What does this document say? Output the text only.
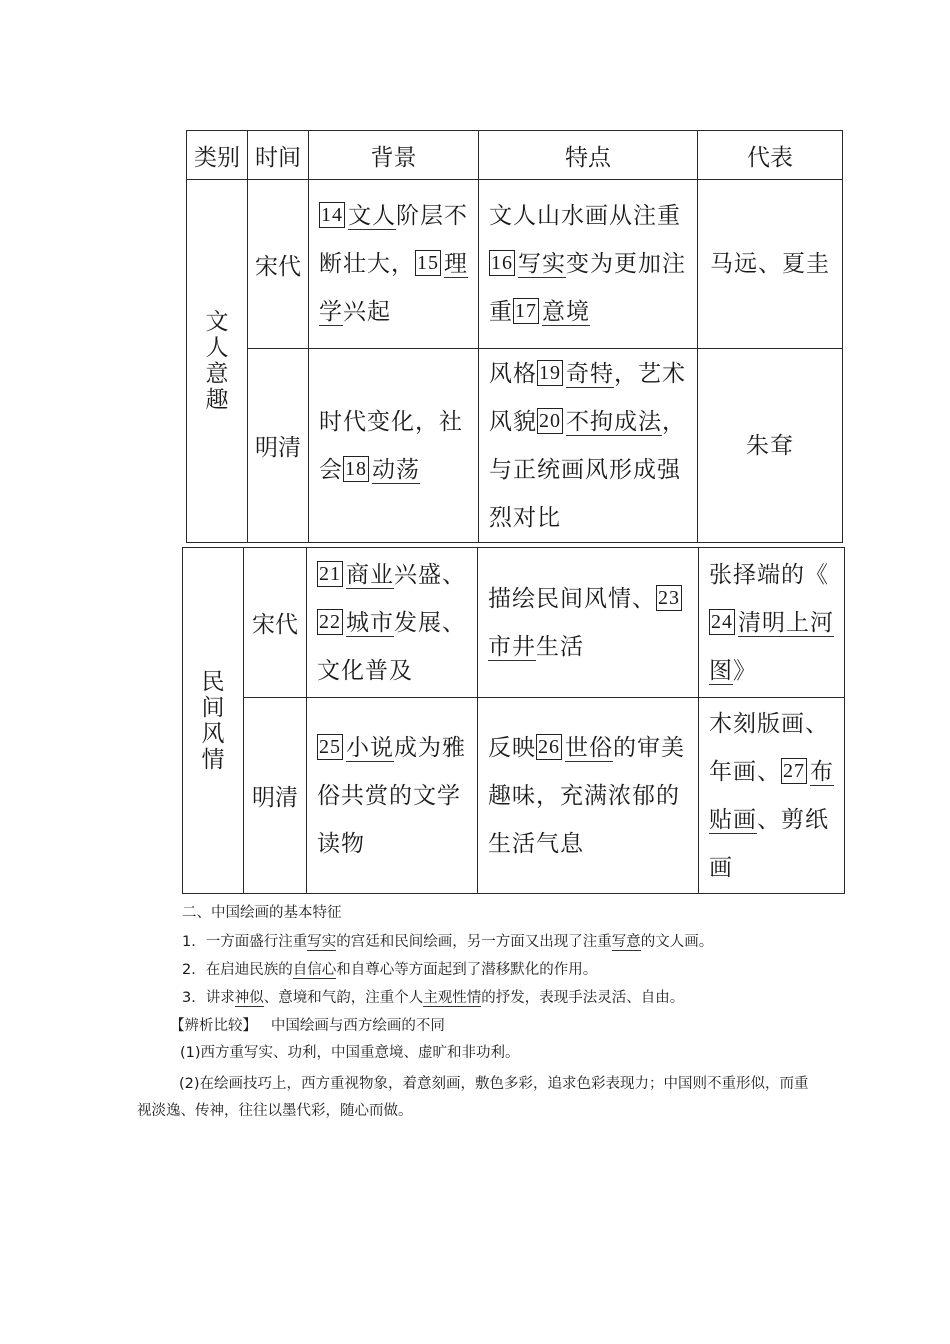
类别	时间	背景	特点	代表

文
人
意
趣	宋代	14 文人阶层不断壮大， 15 理学兴起	文人山水画从注重16 写实变为更加注重 17 意境	马远、夏圭
	明清	时代变化，社会 18 动荡	风格 19 奇特，艺术风貌 20 不拘成法，与正统画风形成强烈对比	朱耷
民
间
风
情	宋代	21 商业兴盛、22 城市发展、文化普及	描绘民间风情、 23市井生活	张择端的《24 清明上河图》
	明清	25 小说成为雅俗共赏的文学读物	反映 26 世俗的审美趣味，充满浓郁的生活气息	木刻版画、年画、 27 布贴画、剪纸画
二、中国绘画的基本特征
1．一方面盛行注重写实的宫廷和民间绘画，另一方面又出现了注重写意的文人画。
2．在启迪民族的自信心和自尊心等方面起到了潜移默化的作用。
3．讲求神似、意境和气韵，注重个人主观性情的抒发，表现手法灵活、自由。
【辨析比较】 中国绘画与西方绘画的不同
(1)西方重写实、功利，中国重意境、虚旷和非功利。
(2)在绘画技巧上，西方重视物象，着意刻画，敷色多彩，追求色彩表现力；中国则不重形似，而重视淡逸、传神，往往以墨代彩，随心而做。
